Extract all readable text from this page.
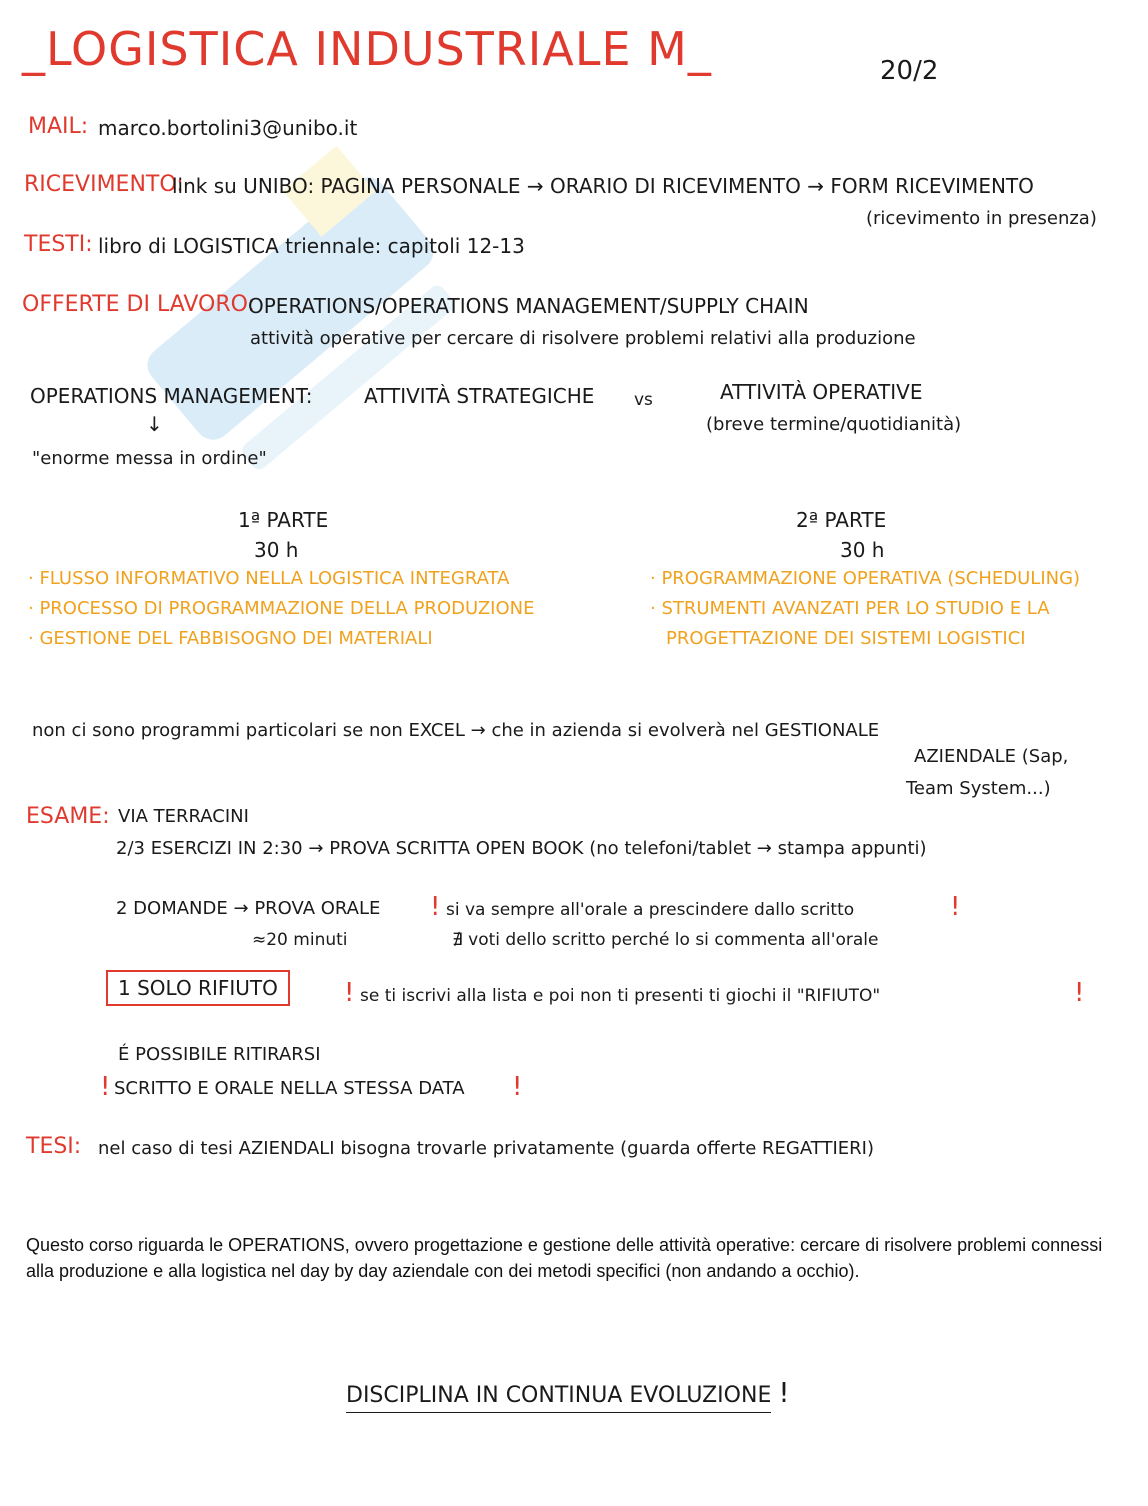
_LOGISTICA INDUSTRIALE M_	20/2
MAIL: marco.bortolini3@unibo.it
RICEVIMENTO:
link su UNIBO: PAGINA PERSONALE → ORARIO DI RICEVIMENTO → FORM RICEVIMENTO
(ricevimento in presenza)
TESTI: libro di LOGISTICA triennale: capitoli 12-13
OFFERTE DI LAVORO:
OPERATIONS/OPERATIONS MANAGEMENT/SUPPLY CHAIN
attività operative per cercare di risolvere problemi relativi alla produzione
OPERATIONS MANAGEMENT:	ATTIVITÀ STRATEGICHE vs	ATTIVITÀ OPERATIVE
(breve termine/quotidianità)
↓
"enorme messa in ordine"
1ª PARTE
30 h
· FLUSSO INFORMATIVO NELLA LOGISTICA INTEGRATA
· PROCESSO DI PROGRAMMAZIONE DELLA PRODUZIONE
· GESTIONE DEL FABBISOGNO DEI MATERIALI
2ª PARTE
30 h
· PROGRAMMAZIONE OPERATIVA (SCHEDULING)
· STRUMENTI AVANZATI PER LO STUDIO E LA
PROGETTAZIONE DEI SISTEMI LOGISTICI
non ci sono programmi particolari se non EXCEL → che in azienda si evolverà nel GESTIONALE
AZIENDALE (Sap,
Team System...)
ESAME: VIA TERRACINI
2/3 ESERCIZI IN 2:30 → PROVA SCRITTA OPEN BOOK (no telefoni/tablet → stampa appunti)
2 DOMANDE → PROVA ORALE ! si va sempre all'orale a prescindere dallo scritto	!
≈20 minuti	∄ voti dello scritto perché lo si commenta all'orale
1 SOLO RIFIUTO	! se ti iscrivi alla lista e poi non ti presenti ti giochi il "RIFIUTO"	!
É POSSIBILE RITIRARSI
! SCRITTO E ORALE NELLA STESSA DATA !
TESI: nel caso di tesi AZIENDALI bisogna trovarle privatamente (guarda offerte REGATTIERI)
Questo corso riguarda le OPERATIONS, ovvero progettazione e gestione delle attività operative: cercare di risolvere problemi connessi alla produzione e alla logistica nel day by day aziendale con dei metodi specifici (non andando a occhio).
DISCIPLINA IN CONTINUA EVOLUZIONE !
